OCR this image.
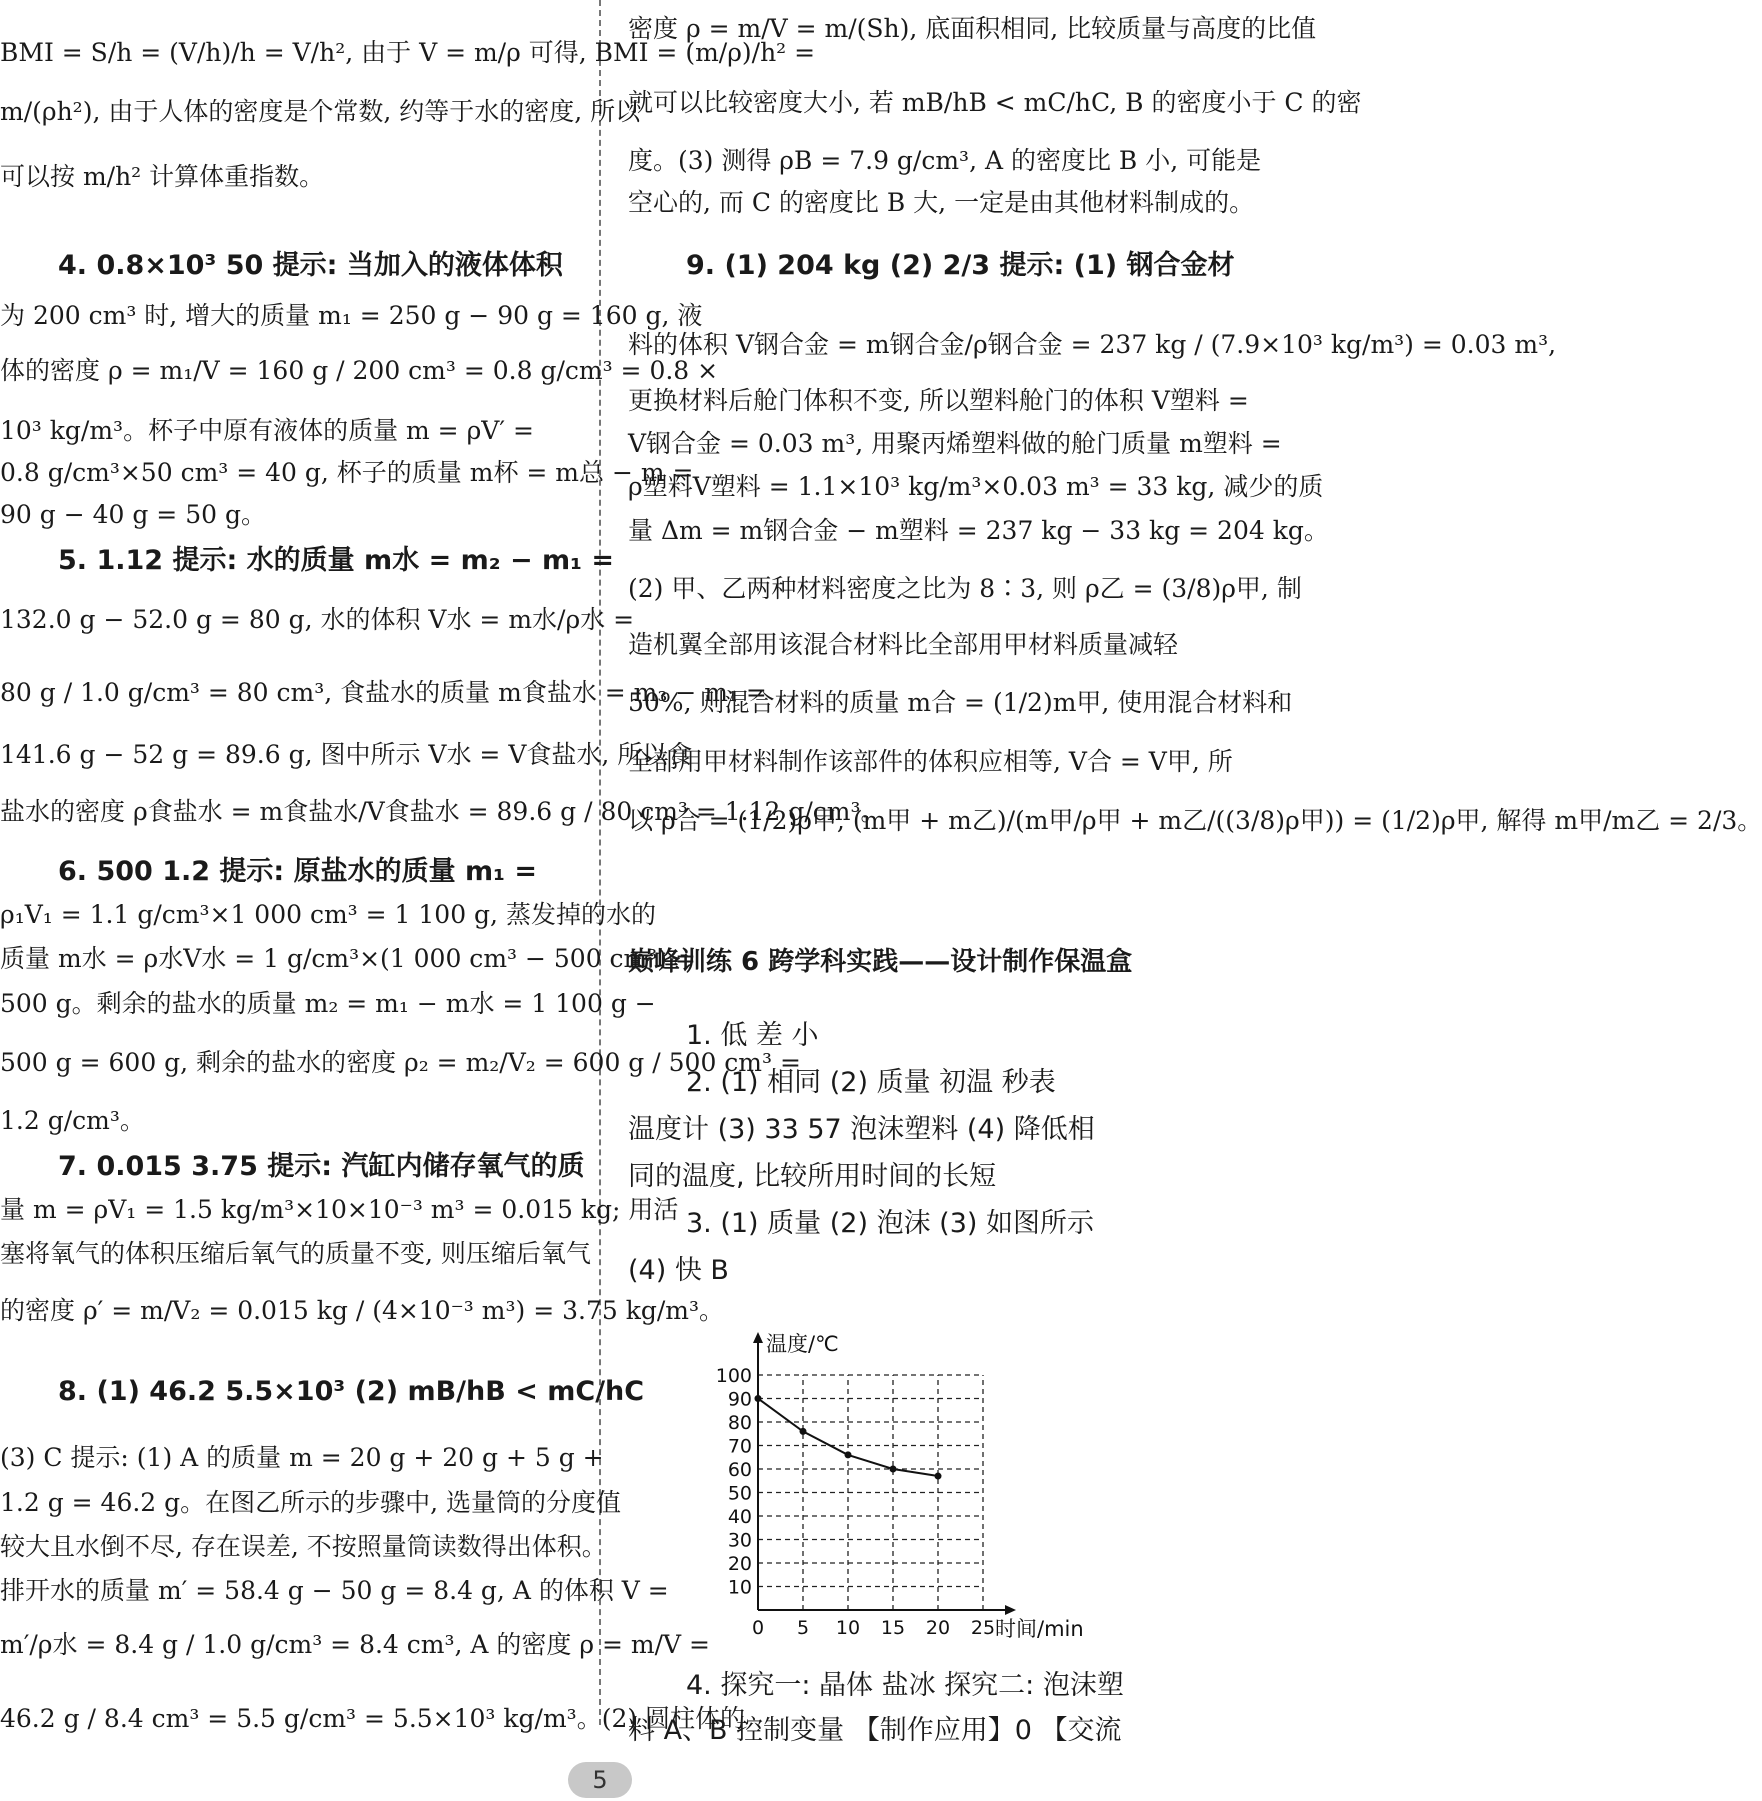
BMI = S/h = (V/h)/h = V/h², 由于 V = m/ρ 可得, BMI = (m/ρ)/h² =
m/(ρh²), 由于人体的密度是个常数, 约等于水的密度, 所以
可以按 m/h² 计算体重指数。
4. 0.8×10³ 50 提示: 当加入的液体体积
为 200 cm³ 时, 增大的质量 m₁ = 250 g − 90 g = 160 g, 液
体的密度 ρ = m₁/V = 160 g / 200 cm³ = 0.8 g/cm³ = 0.8 ×
10³ kg/m³。杯子中原有液体的质量 m = ρV′ =
0.8 g/cm³×50 cm³ = 40 g, 杯子的质量 m杯 = m总 − m =
90 g − 40 g = 50 g。
5. 1.12 提示: 水的质量 m水 = m₂ − m₁ =
132.0 g − 52.0 g = 80 g, 水的体积 V水 = m水/ρ水 =
80 g / 1.0 g/cm³ = 80 cm³, 食盐水的质量 m食盐水 = m₃ − m₁ =
141.6 g − 52 g = 89.6 g, 图中所示 V水 = V食盐水, 所以食
盐水的密度 ρ食盐水 = m食盐水/V食盐水 = 89.6 g / 80 cm³ = 1.12 g/cm³。
6. 500 1.2 提示: 原盐水的质量 m₁ =
ρ₁V₁ = 1.1 g/cm³×1 000 cm³ = 1 100 g, 蒸发掉的水的
质量 m水 = ρ水V水 = 1 g/cm³×(1 000 cm³ − 500 cm³) =
500 g。剩余的盐水的质量 m₂ = m₁ − m水 = 1 100 g −
500 g = 600 g, 剩余的盐水的密度 ρ₂ = m₂/V₂ = 600 g / 500 cm³ =
1.2 g/cm³。
7. 0.015 3.75 提示: 汽缸内储存氧气的质
量 m = ρV₁ = 1.5 kg/m³×10×10⁻³ m³ = 0.015 kg; 用活
塞将氧气的体积压缩后氧气的质量不变, 则压缩后氧气
的密度 ρ′ = m/V₂ = 0.015 kg / (4×10⁻³ m³) = 3.75 kg/m³。
8. (1) 46.2 5.5×10³ (2) mB/hB < mC/hC
(3) C 提示: (1) A 的质量 m = 20 g + 20 g + 5 g +
1.2 g = 46.2 g。在图乙所示的步骤中, 选量筒的分度值
较大且水倒不尽, 存在误差, 不按照量筒读数得出体积。
排开水的质量 m′ = 58.4 g − 50 g = 8.4 g, A 的体积 V =
m′/ρ水 = 8.4 g / 1.0 g/cm³ = 8.4 cm³, A 的密度 ρ = m/V =
46.2 g / 8.4 cm³ = 5.5 g/cm³ = 5.5×10³ kg/m³。(2) 圆柱体的
密度 ρ = m/V = m/(Sh), 底面积相同, 比较质量与高度的比值
就可以比较密度大小, 若 mB/hB < mC/hC, B 的密度小于 C 的密
度。(3) 测得 ρB = 7.9 g/cm³, A 的密度比 B 小, 可能是
空心的, 而 C 的密度比 B 大, 一定是由其他材料制成的。
9. (1) 204 kg (2) 2/3 提示: (1) 钢合金材
料的体积 V钢合金 = m钢合金/ρ钢合金 = 237 kg / (7.9×10³ kg/m³) = 0.03 m³,
更换材料后舱门体积不变, 所以塑料舱门的体积 V塑料 =
V钢合金 = 0.03 m³, 用聚丙烯塑料做的舱门质量 m塑料 =
ρ塑料V塑料 = 1.1×10³ kg/m³×0.03 m³ = 33 kg, 减少的质
量 Δm = m钢合金 − m塑料 = 237 kg − 33 kg = 204 kg。
(2) 甲、乙两种材料密度之比为 8∶3, 则 ρ乙 = (3/8)ρ甲, 制
造机翼全部用该混合材料比全部用甲材料质量减轻
50%, 则混合材料的质量 m合 = (1/2)m甲, 使用混合材料和
全部用甲材料制作该部件的体积应相等, V合 = V甲, 所
以 ρ合 = (1/2)ρ甲, (m甲 + m乙)/(m甲/ρ甲 + m乙/((3/8)ρ甲)) = (1/2)ρ甲, 解得 m甲/m乙 = 2/3。
巅峰训练 6 跨学科实践——设计制作保温盒
1. 低 差 小
2. (1) 相同 (2) 质量 初温 秒表
温度计 (3) 33 57 泡沫塑料 (4) 降低相
同的温度, 比较所用时间的长短
3. (1) 质量 (2) 泡沫 (3) 如图所示
(4) 快 B
4. 探究一: 晶体 盐冰 探究二: 泡沫塑
料 A、B 控制变量 【制作应用】0 【交流
0 5 10 15 20 25
10
20
30
40
50
60
70
80
90
100
温度/℃
时间/min
5
